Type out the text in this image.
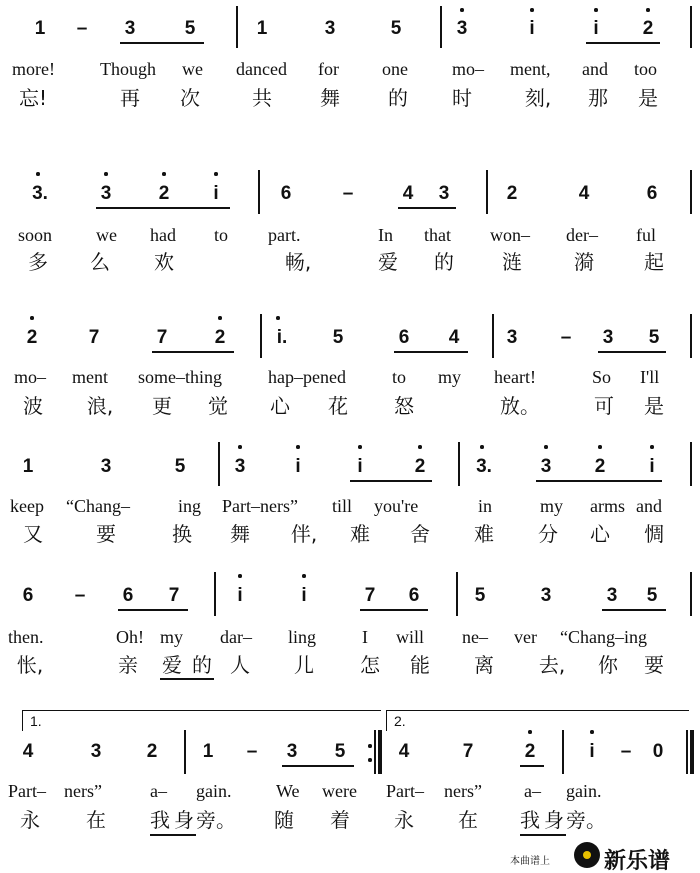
1 – 3	5	1	3	5	3	i	i 2
more!	Though we danced for one mo– ment, and too
忘!	再 次	共 舞 的 时	刻, 那 是
3.	3 2 i	6	–	4 3	2	4	6
soon we had to part.	In that won– der– ful
多 么 欢	畅,	爱 的 涟	漪	起
2	7	7 2	i. 5	6 4 3 – 3 5
mo– ment some–thing	hap–pened	to my heart!	So I'll
波 浪, 更 觉 心 花 怒	放。	可 是
1	3	5	3	i	i	2	3.	3 2 i
keep “Chang–	ing Part–ners” till you're	in	my arms and
又	要	换 舞 伴, 难 舍 难 分 心 惆
6 – 6 7	i	i	7 6	5	3	3 5
then.	Oh! my dar– ling	I will ne– ver “Chang–ing
怅,	亲 爱 的 人 儿 怎 能 离 去, 你 要
1.	2.
4	3 2 1 – 3 5	4	7	2	i – 0
Part– ners”	a– gain. We were Part– ners” a– gain.
永 在 我 身 旁。 随 着 永 在 我 身 旁。
本曲谱上 新乐谱
